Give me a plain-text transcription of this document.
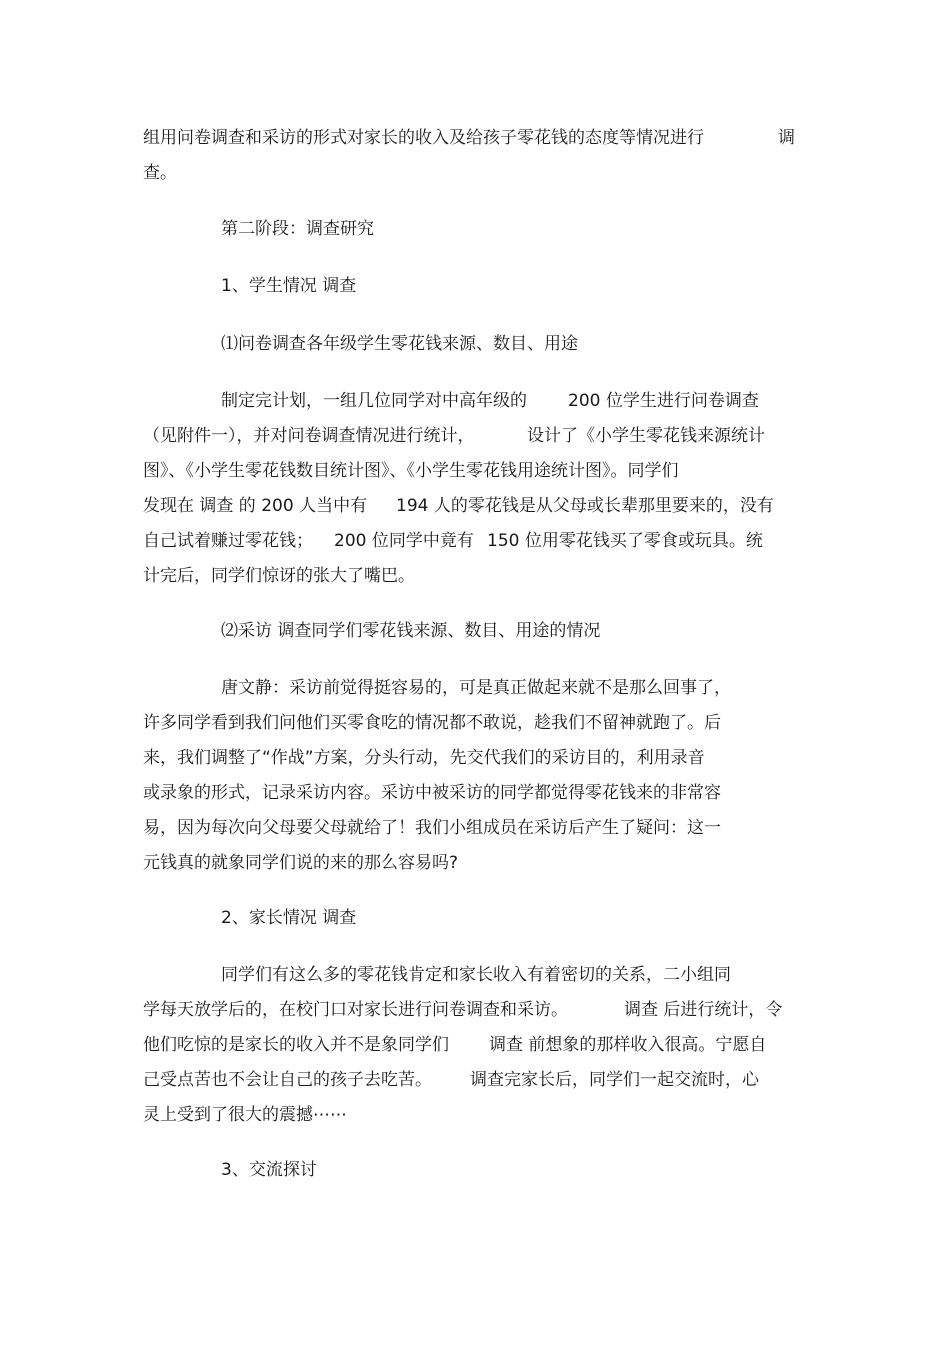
组用问卷调查和采访的形式对家长的收入及给孩子零花钱的态度等情况进行	调
查。
第二阶段：调查研究
1、学生情况 调查
⑴问卷调查各年级学生零花钱来源、数目、用途
制定完计划，一组几位同学对中高年级的 200 位学生进行问卷调查
（见附件一），并对问卷调查情况进行统计，	设计了《小学生零花钱来源统计
图》、《小学生零花钱数目统计图》、《小学生零花钱用途统计图》。同学们
发现在 调查 的 200 人当中有 194 人的零花钱是从父母或长辈那里要来的，没有
自己试着赚过零花钱； 200 位同学中竟有 150 位用零花钱买了零食或玩具。统
计完后，同学们惊讶的张大了嘴巴。
⑵采访 调查同学们零花钱来源、数目、用途的情况
唐文静：采访前觉得挺容易的，可是真正做起来就不是那么回事了，
许多同学看到我们问他们买零食吃的情况都不敢说，趁我们不留神就跑了。后
来，我们调整了“作战”方案，分头行动，先交代我们的采访目的，利用录音
或录象的形式，记录采访内容。采访中被采访的同学都觉得零花钱来的非常容
易，因为每次向父母要父母就给了！我们小组成员在采访后产生了疑问：这一
元钱真的就象同学们说的来的那么容易吗?
2、家长情况 调查
同学们有这么多的零花钱肯定和家长收入有着密切的关系，二小组同
学每天放学后的，在校门口对家长进行问卷调查和采访。	调查 后进行统计，令
他们吃惊的是家长的收入并不是象同学们 调查 前想象的那样收入很高。宁愿自
己受点苦也不会让自己的孩子去吃苦。 调查完家长后，同学们一起交流时，心
灵上受到了很大的震撼⋯⋯
3、交流探讨
